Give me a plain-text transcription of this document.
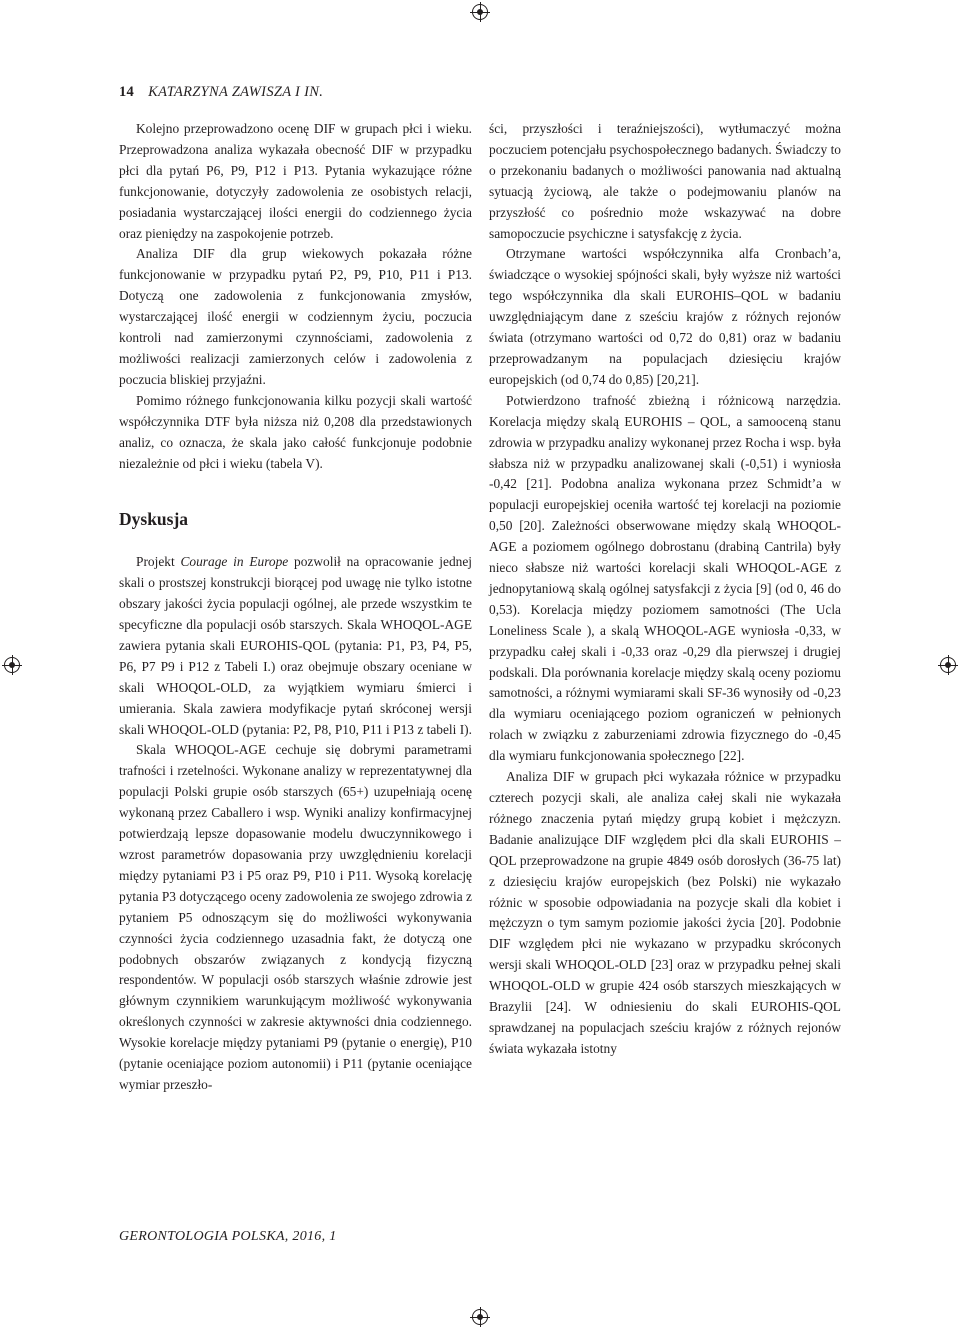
14 KATARZYNA ZAWISZA I IN.

Kolejno przeprowadzono ocenę DIF w grupach płci i wieku. Przeprowadzona analiza wykazała obecność DIF w przypadku płci dla pytań P6, P9, P12 i P13. Pytania wykazujące różne funkcjonowanie, dotyczyły zadowolenia ze osobistych relacji, posiadania wystarczającej ilości energii do codziennego życia oraz pieniędzy na zaspokojenie potrzeb.

Analiza DIF dla grup wiekowych pokazała różne funkcjonowanie w przypadku pytań P2, P9, P10, P11 i P13. Dotyczą one zadowolenia z funkcjonowania zmysłów, wystarczającej ilość energii w codziennym życiu, poczucia kontroli nad zamierzonymi czynnościami, zadowolenia z możliwości realizacji zamierzonych celów i zadowolenia z poczucia bliskiej przyjaźni.

Pomimo różnego funkcjonowania kilku pozycji skali wartość współczynnika DTF była niższa niż 0,208 dla przedstawionych analiz, co oznacza, że skala jako całość funkcjonuje podobnie niezależnie od płci i wieku (tabela V).

Dyskusja

Projekt Courage in Europe pozwolił na opracowanie jednej skali o prostszej konstrukcji biorącej pod uwagę nie tylko istotne obszary jakości życia populacji ogólnej, ale przede wszystkim te specyficzne dla populacji osób starszych. Skala WHOQOL-AGE zawiera pytania skali EUROHIS-QOL (pytania: P1, P3, P4, P5, P6, P7 P9 i P12 z Tabeli I.) oraz obejmuje obszary oceniane w skali WHOQOL-OLD, za wyjątkiem wymiaru śmierci i umierania. Skala zawiera modyfikacje pytań skróconej wersji skali WHOQOL-OLD (pytania: P2, P8, P10, P11 i P13 z tabeli I).

Skala WHOQOL-AGE cechuje się dobrymi parametrami trafności i rzetelności. Wykonane analizy w reprezentatywnej dla populacji Polski grupie osób starszych (65+) uzupełniają ocenę wykonaną przez Caballero i wsp. Wyniki analizy konfirmacyjnej potwierdzają lepsze dopasowanie modelu dwuczynnikowego i wzrost parametrów dopasowania przy uwzględnieniu korelacji między pytaniami P3 i P5 oraz P9, P10 i P11. Wysoką korelację pytania P3 dotyczącego oceny zadowolenia ze swojego zdrowia z pytaniem P5 odnoszącym się do możliwości wykonywania czynności życia codziennego uzasadnia fakt, że dotyczą one podobnych obszarów związanych z kondycją fizyczną respondentów. W populacji osób starszych właśnie zdrowie jest głównym czynnikiem warunkującym możliwość wykonywania określonych czynności w zakresie aktywności dnia codziennego. Wysokie korelacje między pytaniami P9 (pytanie o energię), P10 (pytanie oceniające poziom autonomii) i P11 (pytanie oceniające wymiar przeszło-

ści, przyszłości i teraźniejszości), wytłumaczyć można poczuciem potencjału psychospołecznego badanych. Świadczy to o przekonaniu badanych o możliwości panowania nad aktualną sytuacją życiową, ale także o podejmowaniu planów na przyszłość co pośrednio może wskazywać na dobre samopoczucie psychiczne i satysfakcję z życia.

Otrzymane wartości współczynnika alfa Cronbach’a, świadczące o wysokiej spójności skali, były wyższe niż wartości tego współczynnika dla skali EUROHIS–QOL w badaniu uwzględniającym dane z sześciu krajów z różnych rejonów świata (otrzymano wartości od 0,72 do 0,81) oraz w badaniu przeprowadzanym na populacjach dziesięciu krajów europejskich (od 0,74 do 0,85) [20,21].

Potwierdzono trafność zbieżną i różnicową narzędzia. Korelacja między skalą EUROHIS – QOL, a samooceną stanu zdrowia w przypadku analizy wykonanej przez Rocha i wsp. była słabsza niż w przypadku analizowanej skali (-0,51) i wyniosła -0,42 [21]. Podobna analiza wykonana przez Schmidt’a w populacji europejskiej oceniła wartość tej korelacji na poziomie 0,50 [20]. Zależności obserwowane między skalą WHOQOL-AGE a poziomem ogólnego dobrostanu (drabiną Cantrila) były nieco słabsze niż wartości korelacji skali WHOQOL-AGE z jednopytaniową skalą ogólnej satysfakcji z życia [9] (od 0, 46 do 0,53). Korelacja między poziomem samotności (The Ucla Loneliness Scale ), a skalą WHOQOL-AGE wyniosła -0,33, w przypadku całej skali i -0,33 oraz -0,29 dla pierwszej i drugiej podskali. Dla porównania korelacje między skalą oceny poziomu samotności, a różnymi wymiarami skali SF-36 wynosiły od -0,23 dla wymiaru oceniającego poziom ograniczeń w pełnionych rolach w związku z zaburzeniami zdrowia fizycznego do -0,45 dla wymiaru funkcjonowania społecznego [22].

Analiza DIF w grupach płci wykazała różnice w przypadku czterech pozycji skali, ale analiza całej skali nie wykazała różnego znaczenia pytań między grupą kobiet i mężczyzn. Badanie analizujące DIF względem płci dla skali EUROHIS – QOL przeprowadzone na grupie 4849 osób dorosłych (36-75 lat) z dziesięciu krajów europejskich (bez Polski) nie wykazało różnic w sposobie odpowiadania na pozycje skali dla kobiet i mężczyzn o tym samym poziomie jakości życia [20]. Podobnie DIF względem płci nie wykazano w przypadku skróconych wersji skali WHOQOL-OLD [23] oraz w przypadku pełnej skali WHOQOL-OLD w grupie 424 osób starszych mieszkających w Brazylii [24]. W odniesieniu do skali EUROHIS-QOL sprawdzanej na populacjach sześciu krajów z różnych rejonów świata wykazała istotny

GERONTOLOGIA POLSKA, 2016, 1
